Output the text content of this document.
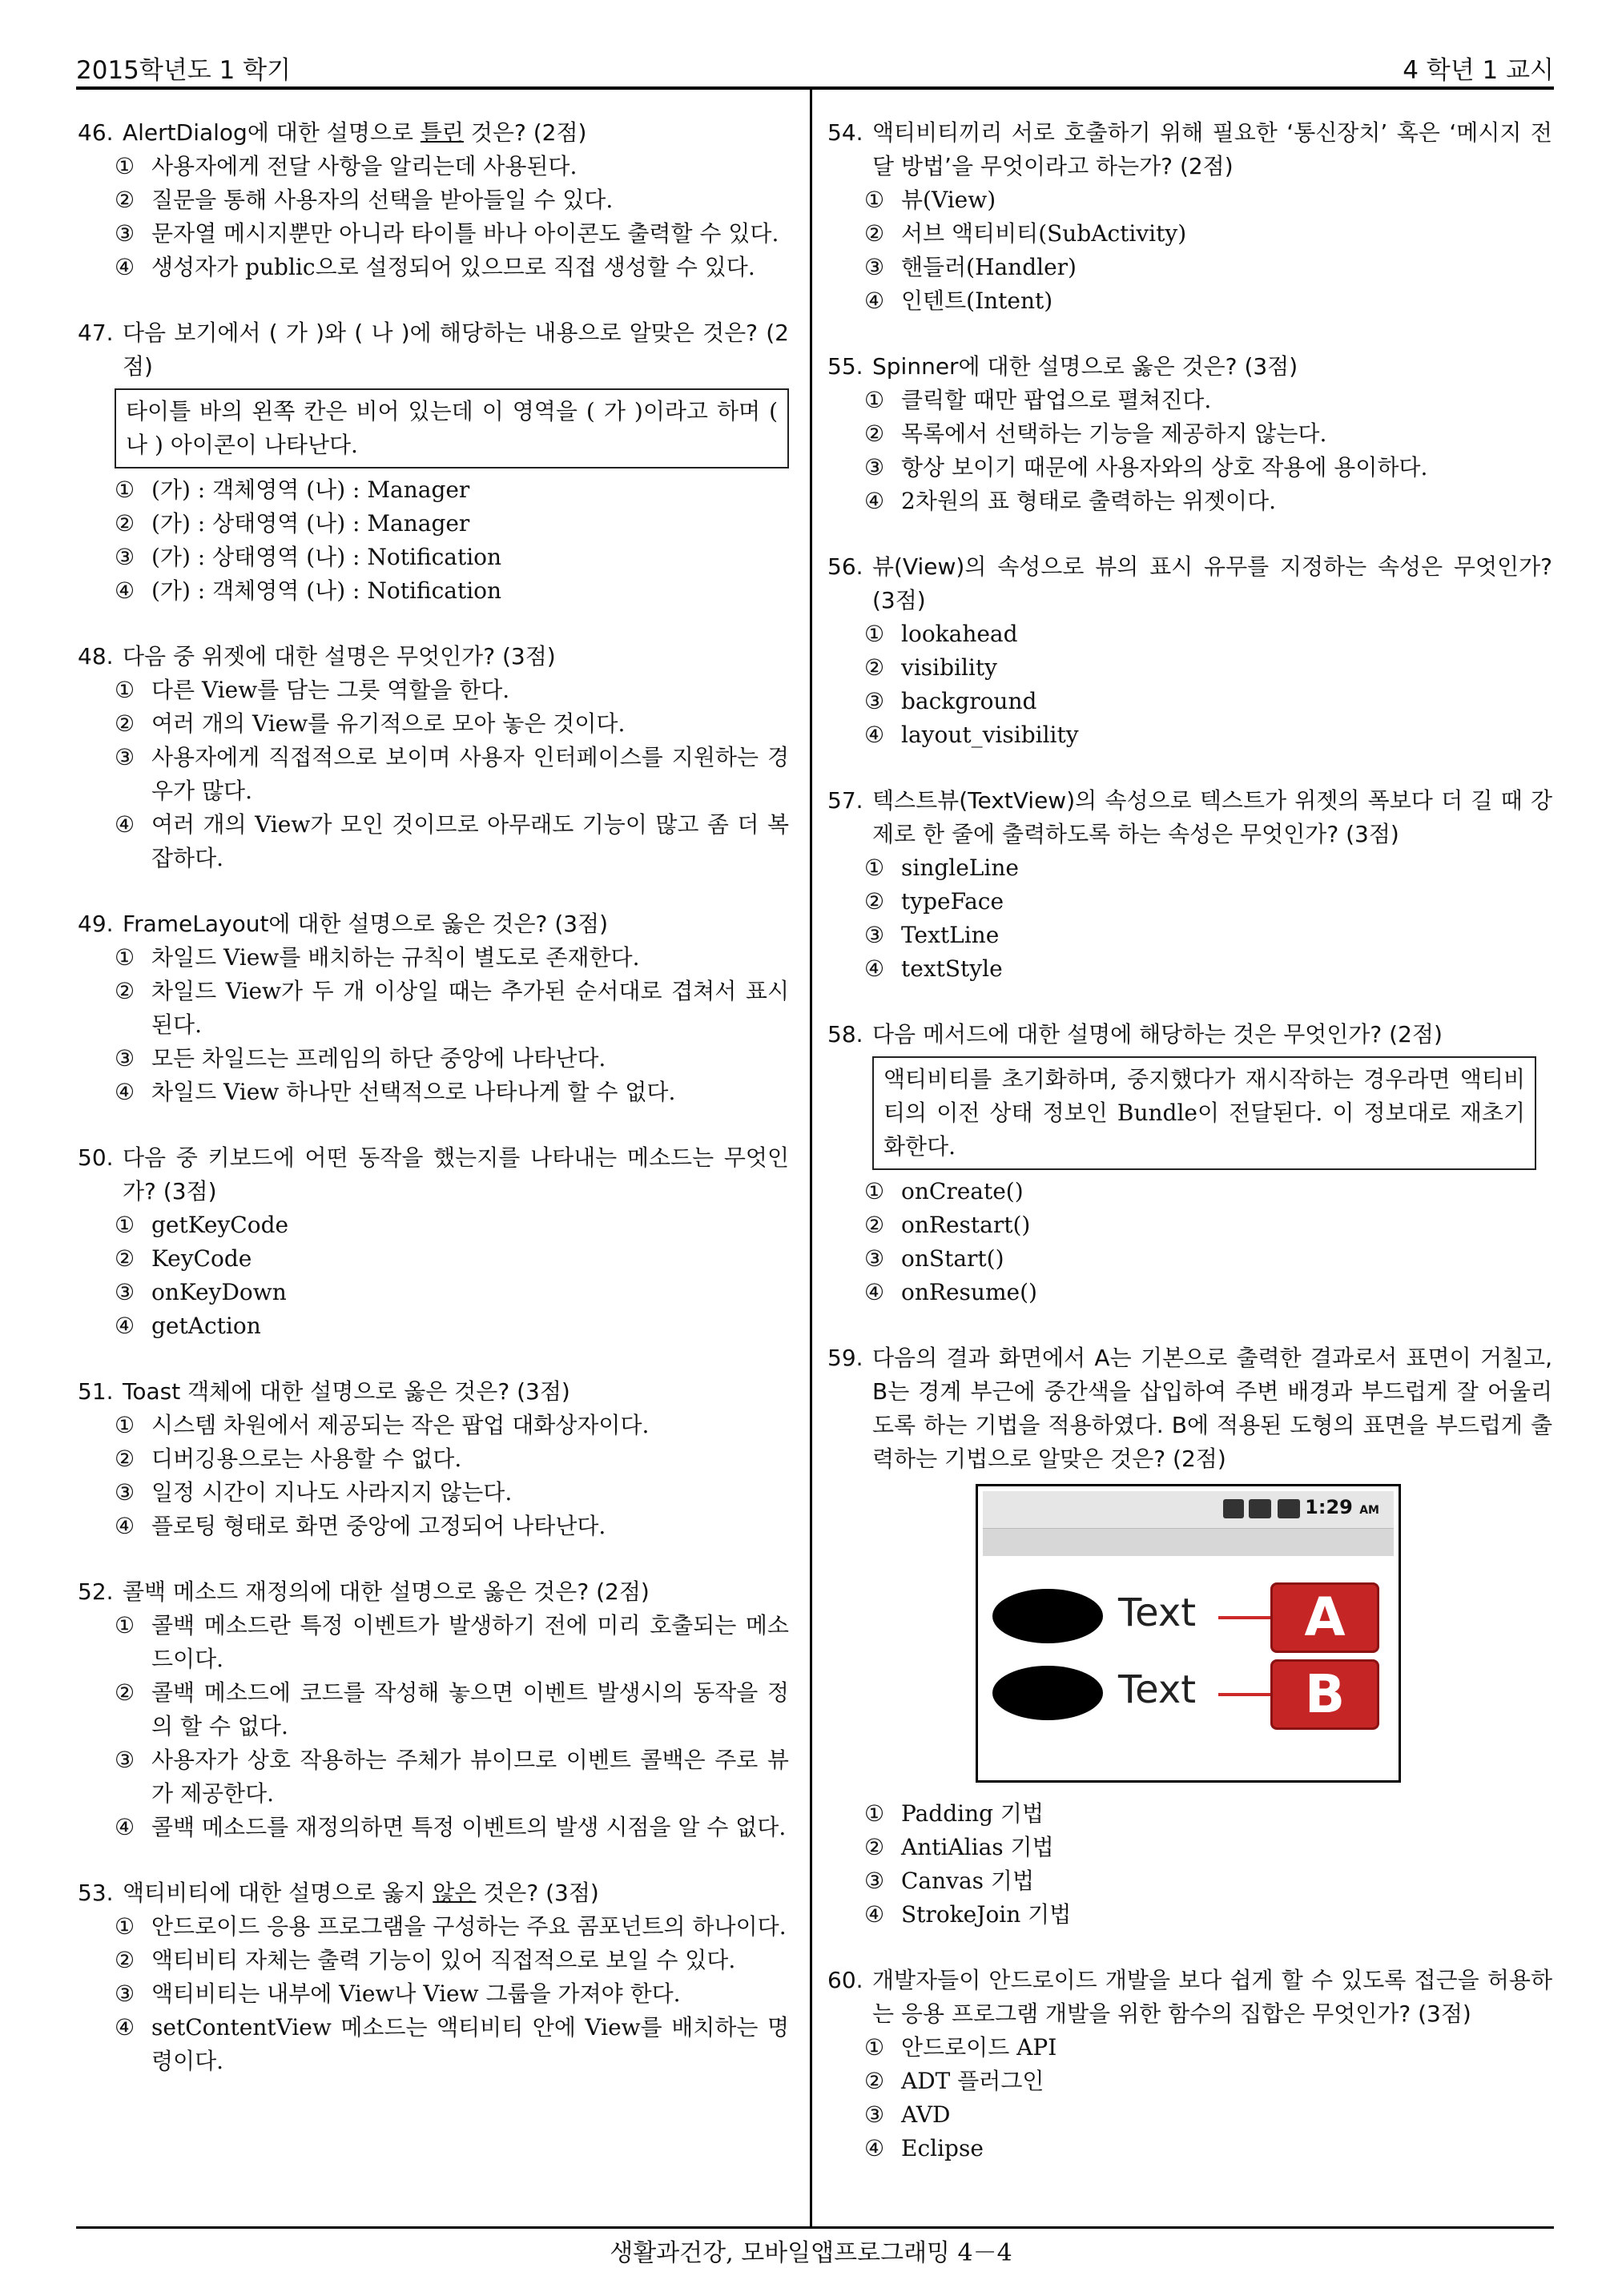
2015학년도 1 학기	4 학년 1 교시
생활과건강, 모바일앱프로그래밍 4－4
46. AlertDialog에 대한 설명으로 틀린 것은? (2점)
① 사용자에게 전달 사항을 알리는데 사용된다.
② 질문을 통해 사용자의 선택을 받아들일 수 있다.
③ 문자열 메시지뿐만 아니라 타이틀 바나 아이콘도 출력할 수 있다.
④ 생성자가 public으로 설정되어 있으므로 직접 생성할 수 있다.
47. 다음 보기에서 ( 가 )와 ( 나 )에 해당하는 내용으로 알맞은 것은? (2점)
타이틀 바의 왼쪽 칸은 비어 있는데 이 영역을 ( 가 )이라고 하며 ( 나 ) 아이콘이 나타난다.
① (가) : 객체영역 (나) : Manager
② (가) : 상태영역 (나) : Manager
③ (가) : 상태영역 (나) : Notification
④ (가) : 객체영역 (나) : Notification
48. 다음 중 위젯에 대한 설명은 무엇인가? (3점)
① 다른 View를 담는 그릇 역할을 한다.
② 여러 개의 View를 유기적으로 모아 놓은 것이다.
③ 사용자에게 직접적으로 보이며 사용자 인터페이스를 지원하는 경우가 많다.
④ 여러 개의 View가 모인 것이므로 아무래도 기능이 많고 좀 더 복잡하다.
49. FrameLayout에 대한 설명으로 옳은 것은? (3점)
① 차일드 View를 배치하는 규칙이 별도로 존재한다.
② 차일드 View가 두 개 이상일 때는 추가된 순서대로 겹쳐서 표시된다.
③ 모든 차일드는 프레임의 하단 중앙에 나타난다.
④ 차일드 View 하나만 선택적으로 나타나게 할 수 없다.
50. 다음 중 키보드에 어떤 동작을 했는지를 나타내는 메소드는 무엇인가? (3점)
① getKeyCode
② KeyCode
③ onKeyDown
④ getAction
51. Toast 객체에 대한 설명으로 옳은 것은? (3점)
① 시스템 차원에서 제공되는 작은 팝업 대화상자이다.
② 디버깅용으로는 사용할 수 없다.
③ 일정 시간이 지나도 사라지지 않는다.
④ 플로팅 형태로 화면 중앙에 고정되어 나타난다.
52. 콜백 메소드 재정의에 대한 설명으로 옳은 것은? (2점)
① 콜백 메소드란 특정 이벤트가 발생하기 전에 미리 호출되는 메소드이다.
② 콜백 메소드에 코드를 작성해 놓으면 이벤트 발생시의 동작을 정의 할 수 없다.
③ 사용자가 상호 작용하는 주체가 뷰이므로 이벤트 콜백은 주로 뷰가 제공한다.
④ 콜백 메소드를 재정의하면 특정 이벤트의 발생 시점을 알 수 없다.
53. 액티비티에 대한 설명으로 옳지 않은 것은? (3점)
① 안드로이드 응용 프로그램을 구성하는 주요 콤포넌트의 하나이다.
② 액티비티 자체는 출력 기능이 있어 직접적으로 보일 수 있다.
③ 액티비티는 내부에 View나 View 그룹을 가져야 한다.
④ setContentView 메소드는 액티비티 안에 View를 배치하는 명령이다.
54. 액티비티끼리 서로 호출하기 위해 필요한 ‘통신장치’ 혹은 ‘메시지 전달 방법’을 무엇이라고 하는가? (2점)
① 뷰(View)
② 서브 액티비티(SubActivity)
③ 핸들러(Handler)
④ 인텐트(Intent)
55. Spinner에 대한 설명으로 옳은 것은? (3점)
① 클릭할 때만 팝업으로 펼쳐진다.
② 목록에서 선택하는 기능을 제공하지 않는다.
③ 항상 보이기 때문에 사용자와의 상호 작용에 용이하다.
④ 2차원의 표 형태로 출력하는 위젯이다.
56. 뷰(View)의 속성으로 뷰의 표시 유무를 지정하는 속성은 무엇인가? (3점)
① lookahead
② visibility
③ background
④ layout_visibility
57. 텍스트뷰(TextView)의 속성으로 텍스트가 위젯의 폭보다 더 길 때 강제로 한 줄에 출력하도록 하는 속성은 무엇인가? (3점)
① singleLine
② typeFace
③ TextLine
④ textStyle
58. 다음 메서드에 대한 설명에 해당하는 것은 무엇인가? (2점)
액티비티를 초기화하며, 중지했다가 재시작하는 경우라면 액티비티의 이전 상태 정보인 Bundle이 전달된다. 이 정보대로 재초기화한다.
① onCreate()
② onRestart()
③ onStart()
④ onResume()
59. 다음의 결과 화면에서 A는 기본으로 출력한 결과로서 표면이 거칠고, B는 경계 부근에 중간색을 삽입하여 주변 배경과 부드럽게 잘 어울리도록 하는 기법을 적용하였다. B에 적용된 도형의 표면을 부드럽게 출력하는 기법으로 알맞은 것은? (2점)
1:29 AM
Text	A
Text	B
① Padding 기법
② AntiAlias 기법
③ Canvas 기법
④ StrokeJoin 기법
60. 개발자들이 안드로이드 개발을 보다 쉽게 할 수 있도록 접근을 허용하는 응용 프로그램 개발을 위한 함수의 집합은 무엇인가? (3점)
① 안드로이드 API
② ADT 플러그인
③ AVD
④ Eclipse
